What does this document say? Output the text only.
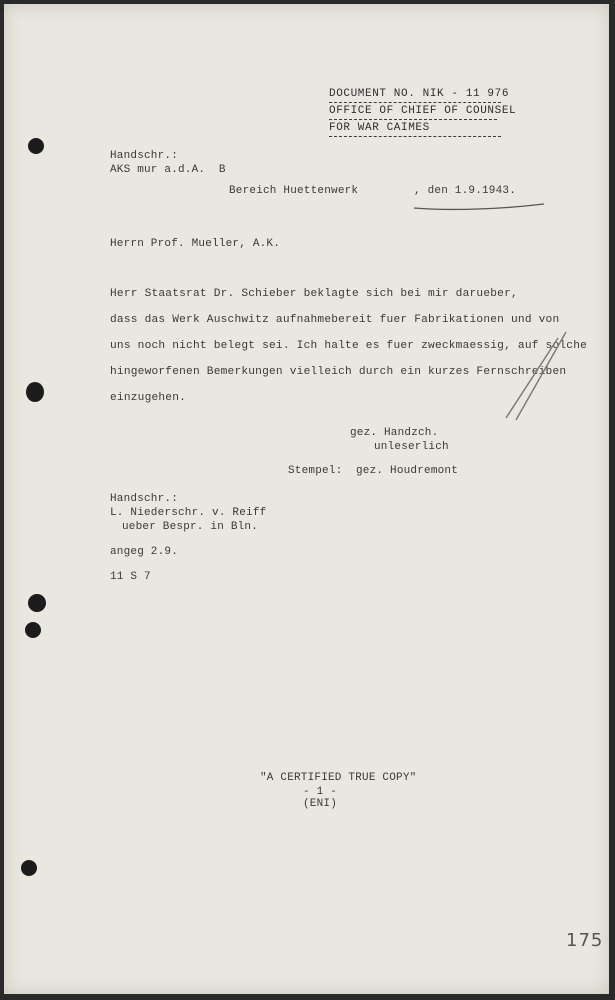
DOCUMENT NO. NIK - 11 976
OFFICE OF CHIEF OF COUNSEL
FOR WAR CAIMES
Handschr.:
AKS mur a.d.A.  B
Bereich Huettenwerk	, den 1.9.1943.
Herrn Prof. Mueller, A.K.
Herr Staatsrat Dr. Schieber beklagte sich bei mir darueber,
dass das Werk Auschwitz aufnahmebereit fuer Fabrikationen und von
uns noch nicht belegt sei. Ich halte es fuer zweckmaessig, auf solche
hingeworfenen Bemerkungen vielleich durch ein kurzes Fernschreiben
einzugehen.
gez. Handzch.
unleserlich
Stempel:  gez. Houdremont
Handschr.:
L. Niederschr. v. Reiff
ueber Bespr. in Bln.
angeg 2.9.
11 S 7
"A CERTIFIED TRUE COPY"
- 1 -
(ENI)
175
